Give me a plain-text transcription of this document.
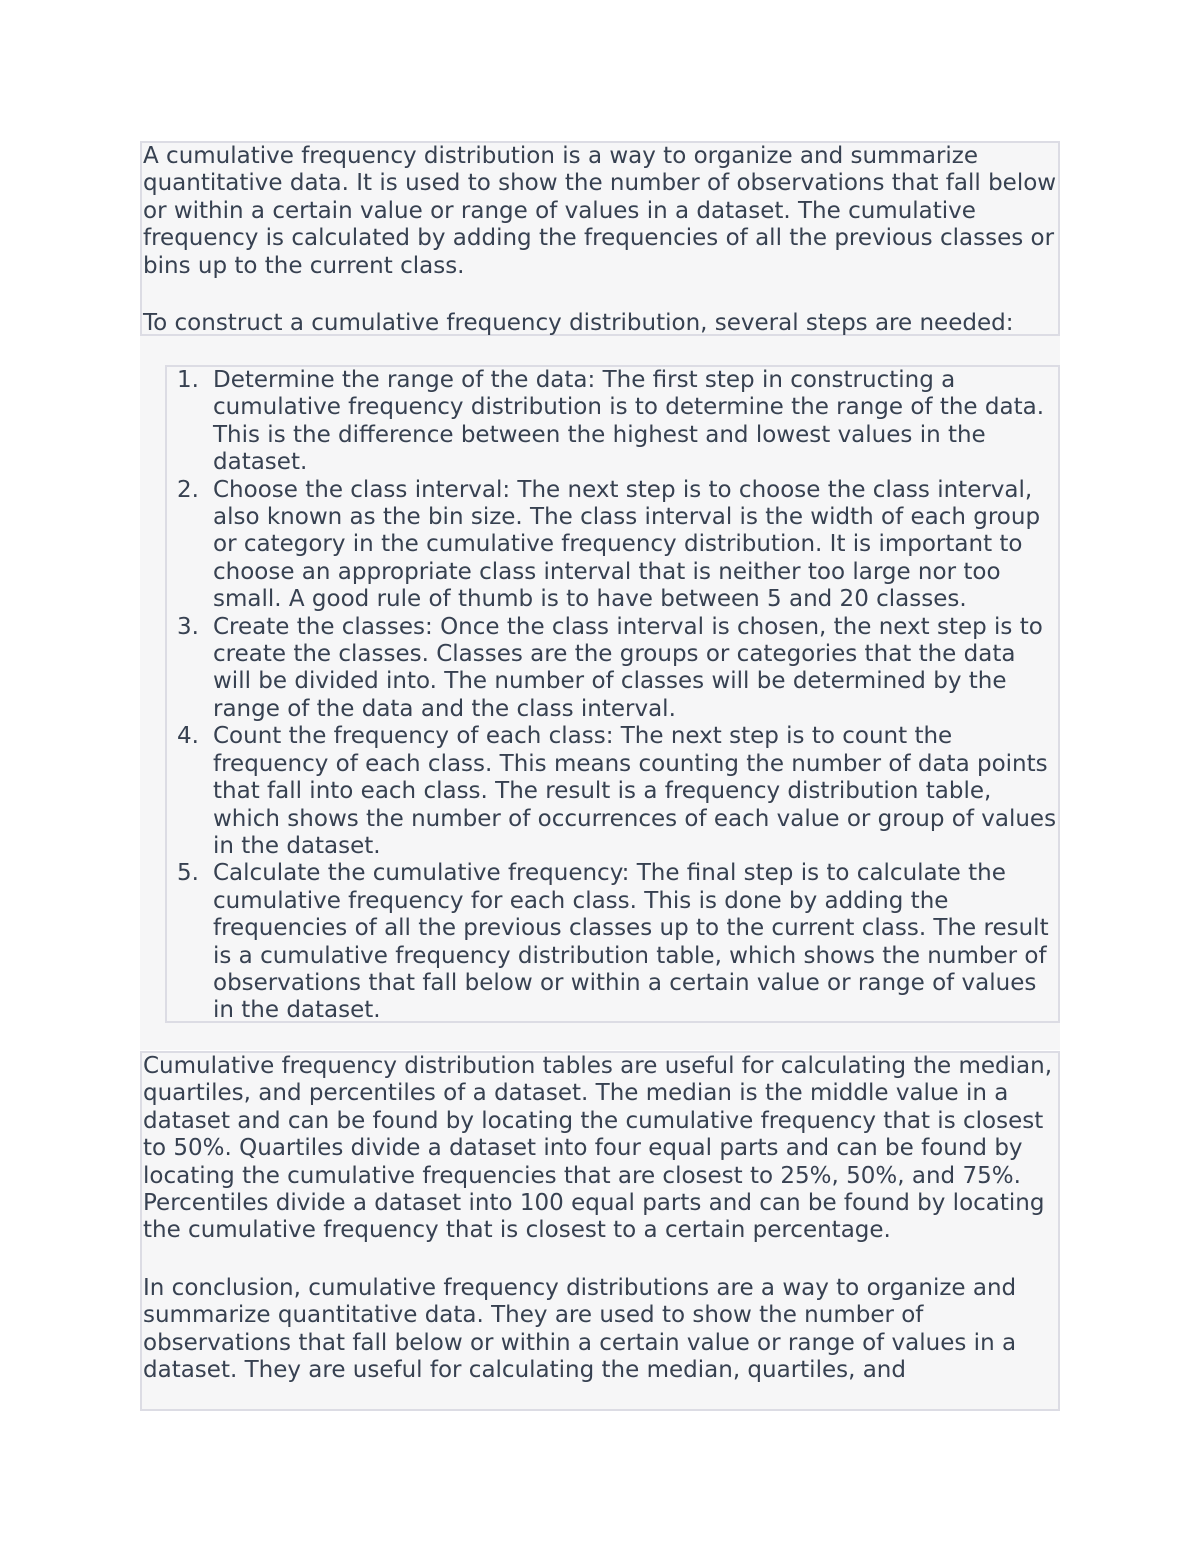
A cumulative frequency distribution is a way to organize and summarize quantitative data. It is used to show the number of observations that fall below or within a certain value or range of values in a dataset. The cumulative frequency is calculated by adding the frequencies of all the previous classes or bins up to the current class.

To construct a cumulative frequency distribution, several steps are needed:

1. Determine the range of the data: The first step in constructing a cumulative frequency distribution is to determine the range of the data. This is the difference between the highest and lowest values in the dataset.
2. Choose the class interval: The next step is to choose the class interval, also known as the bin size. The class interval is the width of each group or category in the cumulative frequency distribution. It is important to choose an appropriate class interval that is neither too large nor too small. A good rule of thumb is to have between 5 and 20 classes.
3. Create the classes: Once the class interval is chosen, the next step is to create the classes. Classes are the groups or categories that the data will be divided into. The number of classes will be determined by the range of the data and the class interval.
4. Count the frequency of each class: The next step is to count the frequency of each class. This means counting the number of data points that fall into each class. The result is a frequency distribution table, which shows the number of occurrences of each value or group of values in the dataset.
5. Calculate the cumulative frequency: The final step is to calculate the cumulative frequency for each class. This is done by adding the frequencies of all the previous classes up to the current class. The result is a cumulative frequency distribution table, which shows the number of observations that fall below or within a certain value or range of values in the dataset.

Cumulative frequency distribution tables are useful for calculating the median, quartiles, and percentiles of a dataset. The median is the middle value in a dataset and can be found by locating the cumulative frequency that is closest to 50%. Quartiles divide a dataset into four equal parts and can be found by locating the cumulative frequencies that are closest to 25%, 50%, and 75%. Percentiles divide a dataset into 100 equal parts and can be found by locating the cumulative frequency that is closest to a certain percentage.

In conclusion, cumulative frequency distributions are a way to organize and summarize quantitative data. They are used to show the number of observations that fall below or within a certain value or range of values in a dataset. They are useful for calculating the median, quartiles, and
